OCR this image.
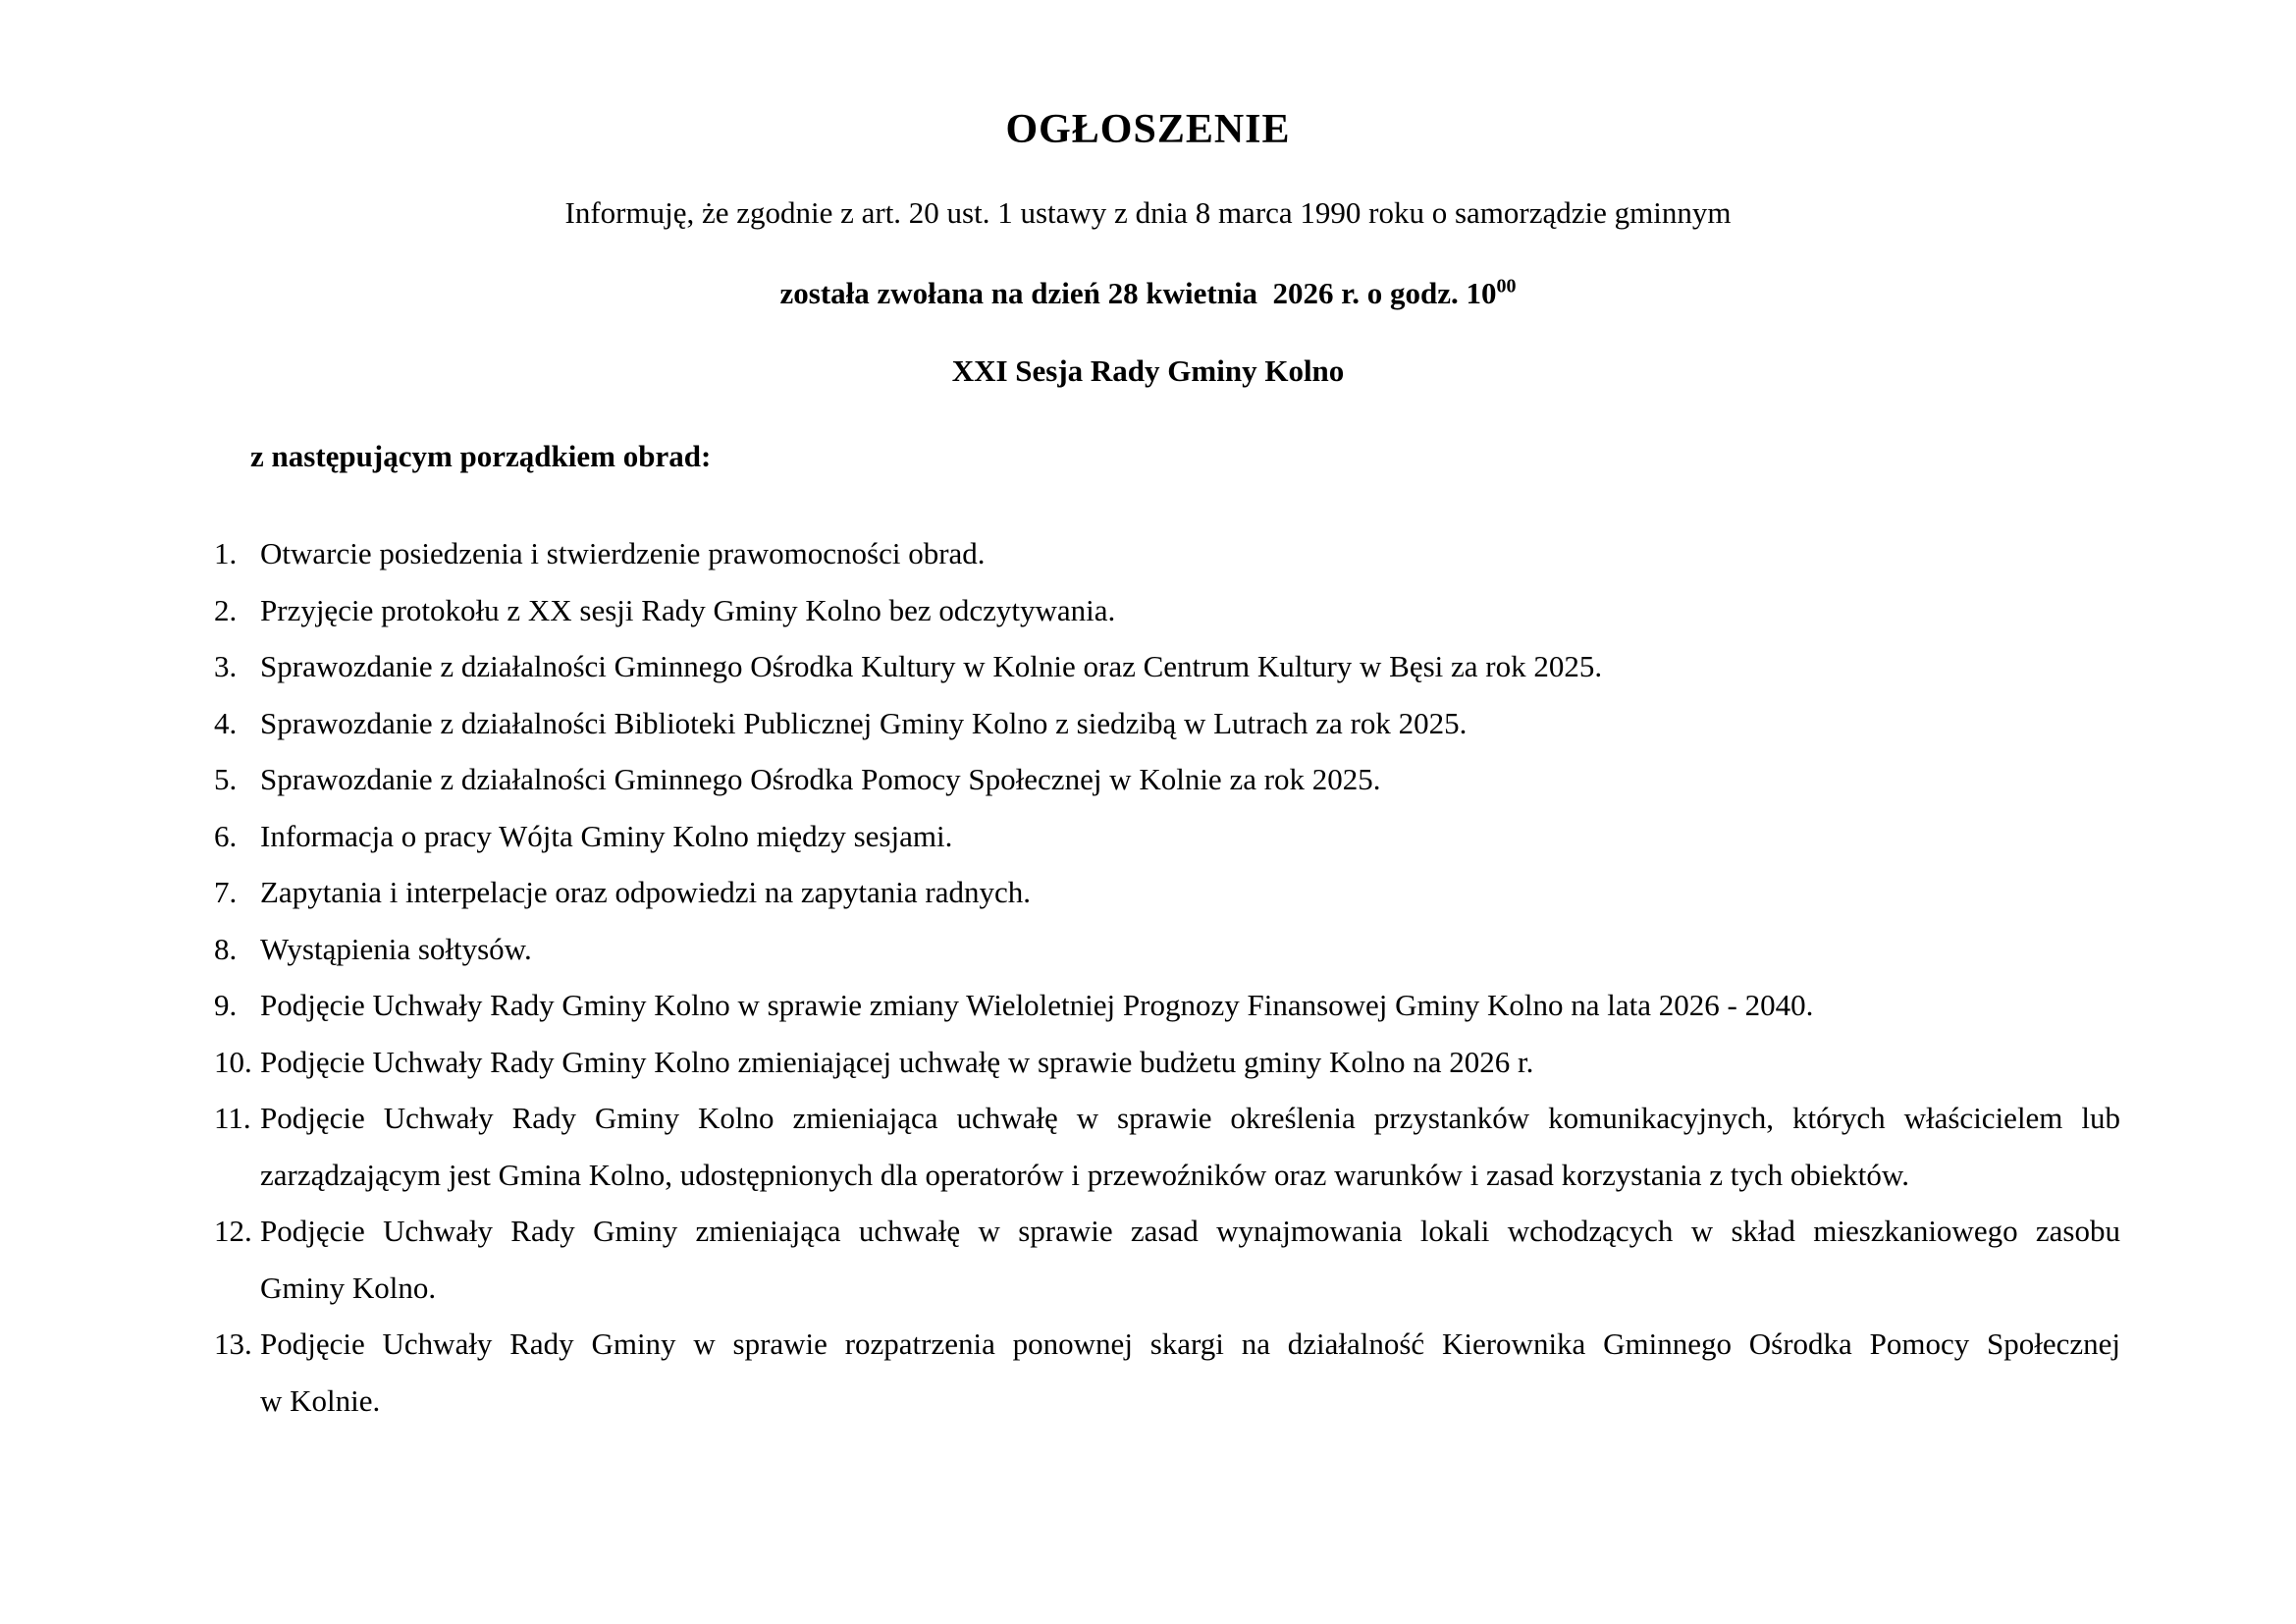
OGŁOSZENIE
Informuję, że zgodnie z art. 20 ust. 1 ustawy z dnia 8 marca 1990 roku o samorządzie gminnym
została zwołana na dzień 28 kwietnia  2026 r. o godz. $10^{00}$
XXI Sesja Rady Gminy Kolno
z następującym porządkiem obrad:
1. Otwarcie posiedzenia i stwierdzenie prawomocności obrad.
2. Przyjęcie protokołu z XX sesji Rady Gminy Kolno bez odczytywania.
3. Sprawozdanie z działalności Gminnego Ośrodka Kultury w Kolnie oraz Centrum Kultury w Bęsi za rok 2025.
4. Sprawozdanie z działalności Biblioteki Publicznej Gminy Kolno z siedzibą w Lutrach za rok 2025.
5. Sprawozdanie z działalności Gminnego Ośrodka Pomocy Społecznej w Kolnie za rok 2025.
6. Informacja o pracy Wójta Gminy Kolno między sesjami.
7. Zapytania i interpelacje oraz odpowiedzi na zapytania radnych.
8. Wystąpienia sołtysów.
9. Podjęcie Uchwały Rady Gminy Kolno w sprawie zmiany Wieloletniej Prognozy Finansowej Gminy Kolno na lata 2026 - 2040.
10. Podjęcie Uchwały Rady Gminy Kolno zmieniającej uchwałę w sprawie budżetu gminy Kolno na 2026 r.
11. Podjęcie Uchwały Rady Gminy Kolno zmieniająca uchwałę w sprawie określenia przystanków komunikacyjnych, których właścicielem lub
zarządzającym jest Gmina Kolno, udostępnionych dla operatorów i przewoźników oraz warunków i zasad korzystania z tych obiektów.
12. Podjęcie Uchwały Rady Gminy zmieniająca uchwałę w sprawie zasad wynajmowania lokali wchodzących w skład mieszkaniowego zasobu
Gminy Kolno.
13. Podjęcie Uchwały Rady Gminy w sprawie rozpatrzenia ponownej skargi na działalność Kierownika Gminnego Ośrodka Pomocy Społecznej
w Kolnie.
